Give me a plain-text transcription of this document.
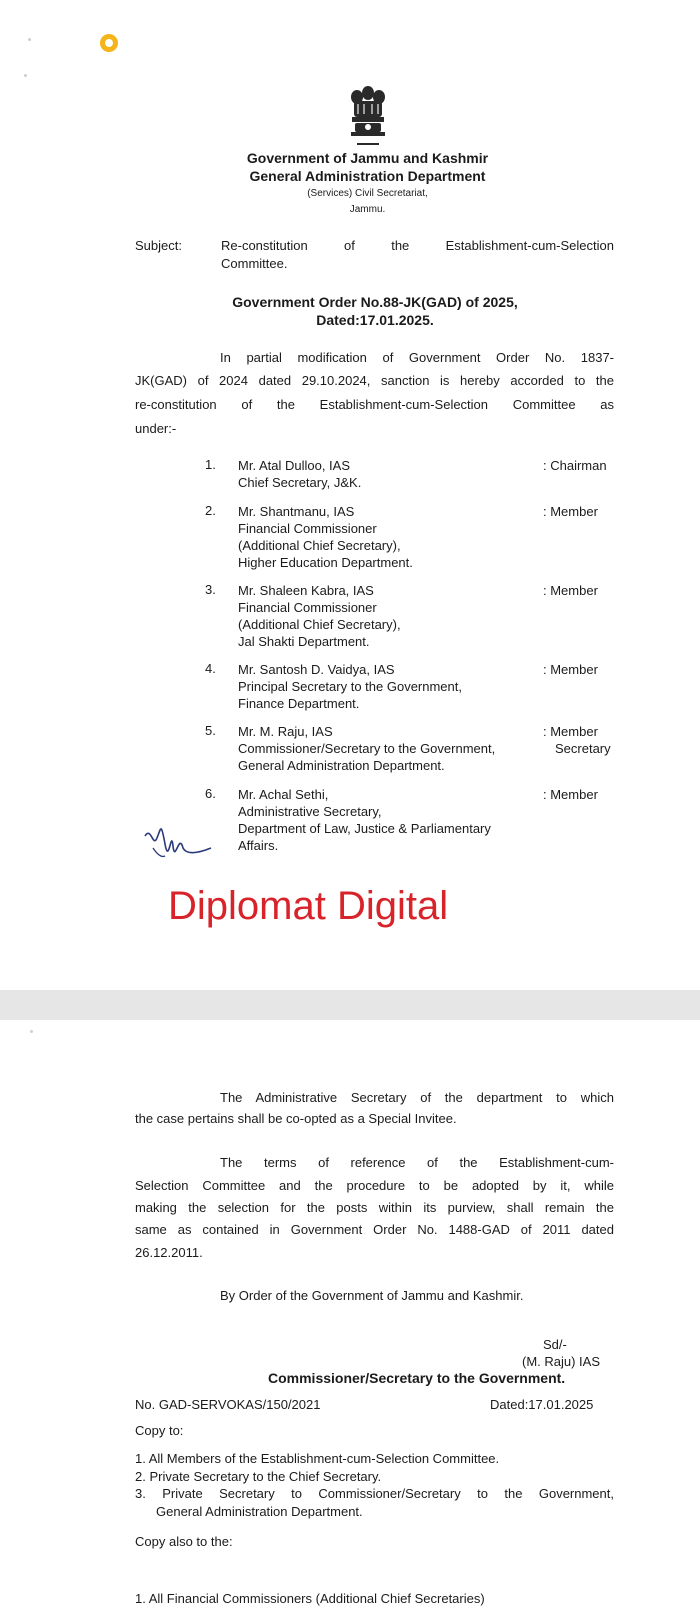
Government of Jammu and Kashmir
General Administration Department
(Services) Civil Secretariat,
Jammu.
Subject:	Re-constitution	of	the	Establishment-cum-Selection
Committee.
Government Order No.88-JK(GAD) of 2025,
Dated:17.01.2025.
In partial modification of Government Order No. 1837-
JK(GAD) of 2024 dated 29.10.2024, sanction is hereby accorded to the
re-constitution of the Establishment-cum-Selection Committee as
under:-
1. Mr. Atal Dulloo, IAS
Chief Secretary, J&K.
: Chairman
2. Mr. Shantmanu, IAS
Financial Commissioner
(Additional Chief Secretary),
Higher Education Department.
: Member
3. Mr. Shaleen Kabra, IAS
Financial Commissioner
(Additional Chief Secretary),
Jal Shakti Department.
: Member
4. Mr. Santosh D. Vaidya, IAS
Principal Secretary to the Government,
Finance Department.
: Member
5. Mr. M. Raju, IAS
Commissioner/Secretary to the Government,
General Administration Department.
: Member
Secretary
6. Mr. Achal Sethi,
Administrative Secretary,
Department of Law, Justice & Parliamentary
Affairs.
: Member
Diplomat Digital
The Administrative Secretary of the department to which
the case pertains shall be co-opted as a Special Invitee.
The terms of reference of the Establishment-cum-
Selection Committee and the procedure to be adopted by it, while
making the selection for the posts within its purview, shall remain the
same as contained in Government Order No. 1488-GAD of 2011 dated
26.12.2011.
By Order of the Government of Jammu and Kashmir.
Sd/-
(M. Raju) IAS
Commissioner/Secretary to the Government.
No. GAD-SERVOKAS/150/2021	Dated:17.01.2025
Copy to:
1. All Members of the Establishment-cum-Selection Committee.
2. Private Secretary to the Chief Secretary.
3. Private Secretary to Commissioner/Secretary to the Government,
General Administration Department.
Copy also to the:
1. All Financial Commissioners (Additional Chief Secretaries)
